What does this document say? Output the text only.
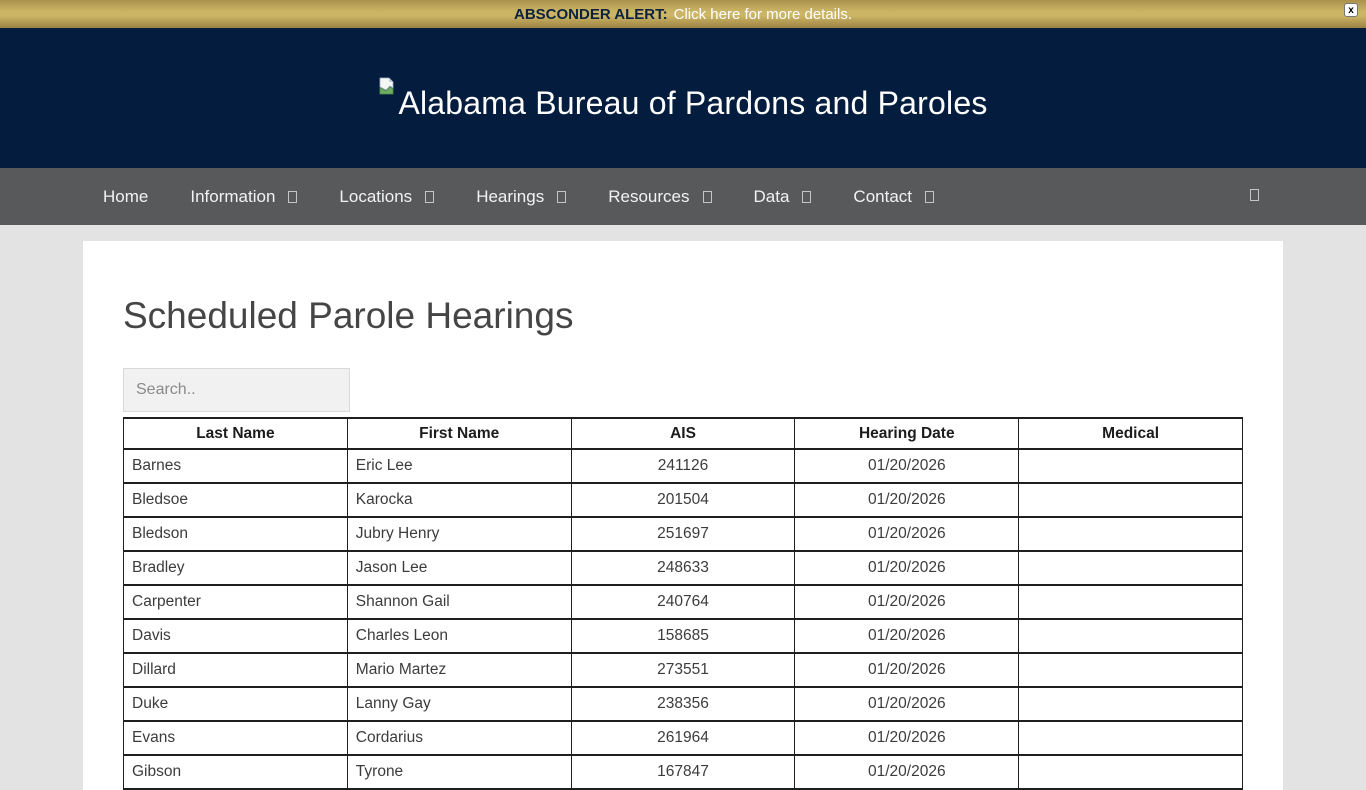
ABSCONDER ALERT: Click here for more details.	x
Alabama Bureau of Pardons and Paroles
Home Information	Locations	Hearings	Resources	Data	Contact
Scheduled Parole Hearings
Search..
Last Name	First Name	AIS	Hearing Date	Medical
Barnes	Eric Lee	241126	01/20/2026	
Bledsoe	Karocka	201504	01/20/2026	
Bledson	Jubry Henry	251697	01/20/2026	
Bradley	Jason Lee	248633	01/20/2026	
Carpenter	Shannon Gail	240764	01/20/2026	
Davis	Charles Leon	158685	01/20/2026	
Dillard	Mario Martez	273551	01/20/2026	
Duke	Lanny Gay	238356	01/20/2026	
Evans	Cordarius	261964	01/20/2026	
Gibson	Tyrone	167847	01/20/2026	
